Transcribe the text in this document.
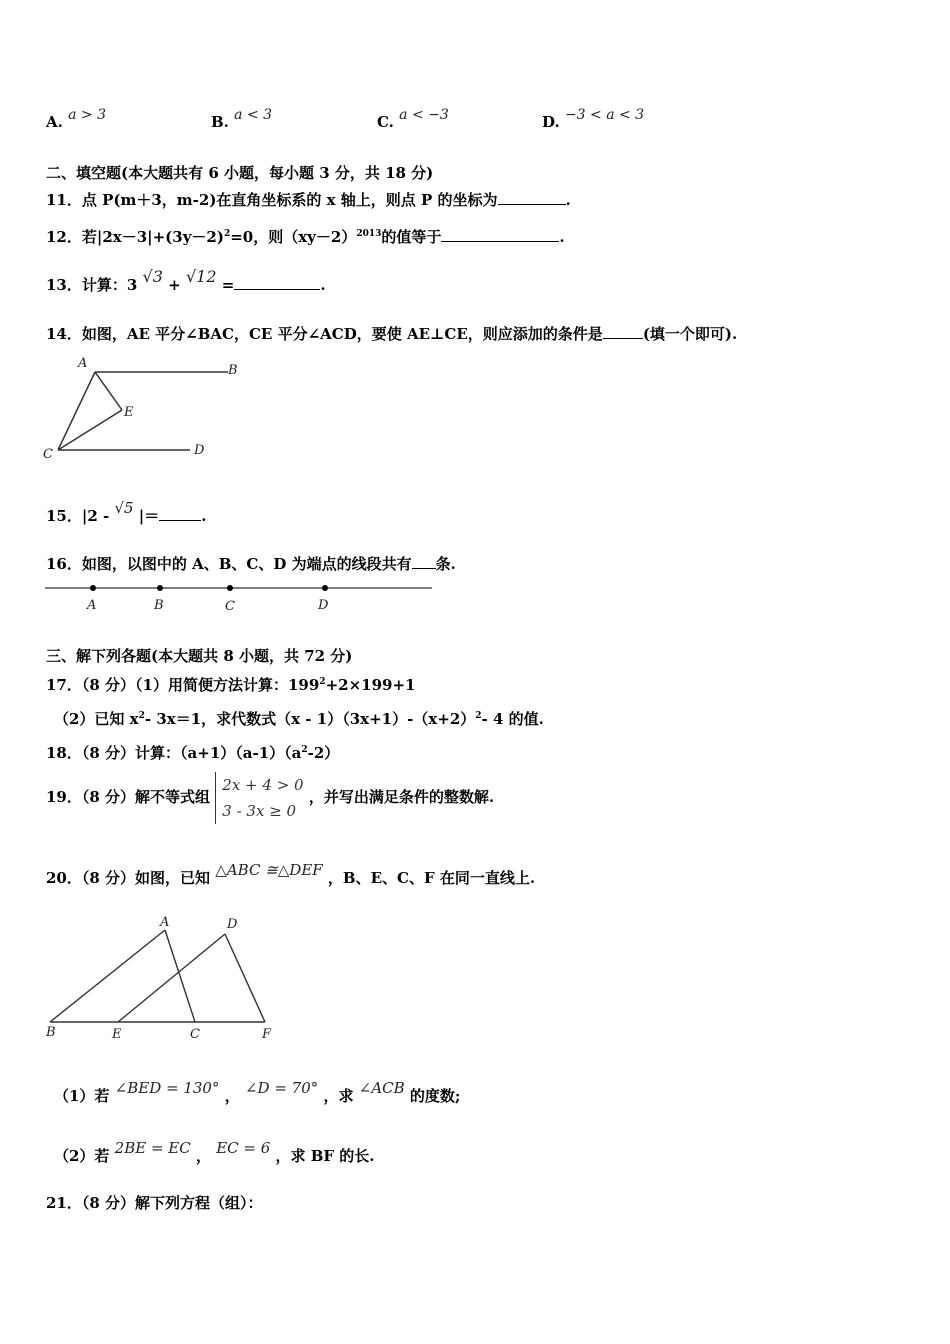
A. a > 3	B. a < 3	C. a < −3	D. −3 < a < 3
二、填空题(本大题共有 6 小题，每小题 3 分，共 18 分)
11．点 P(m＋3，m-2)在直角坐标系的 x 轴上，则点 P 的坐标为	.
12．若$|2x-3|+(3y-2)^2=0$，则$(xy-2)^{2013}$的值等于	.
13．计算：3 √3 + √12 =	.
14．如图，AE 平分∠BAC，CE 平分∠ACD，要使 AE⊥CE，则应添加的条件是	(填一个即可).
A	B
C	D
E
15．|2 - √5 |＝	.
16．如图，以图中的 A、B、C、D 为端点的线段共有 条.
A	B	C	D
三、解下列各题(本大题共 8 小题，共 72 分)
17．（8 分）（1）用简便方法计算：$199^2+2\times 199+1$
（2）已知 $x^2-$ 3x＝1，求代数式$(x - 1)(3x+1)-(x+2)^2-$ 4 的值.
18．（8 分）计算：$(a+1)(a-1)(a^2-2)$
19．（8 分）解不等式组 2x + 4 > 0
3 - 3x ≥ 0 ，并写出满足条件的整数解.
20．（8 分）如图，已知 △ABC ≅△DEF ，B、E、C、F 在同一直线上.
A
B	C
D
E	F
（1）若 ∠BED = 130° ， ∠D = 70° ，求 ∠ACB 的度数;
（2）若 2BE = EC ， EC = 6 ，求 BF 的长.
21．（8 分）解下列方程（组）：
